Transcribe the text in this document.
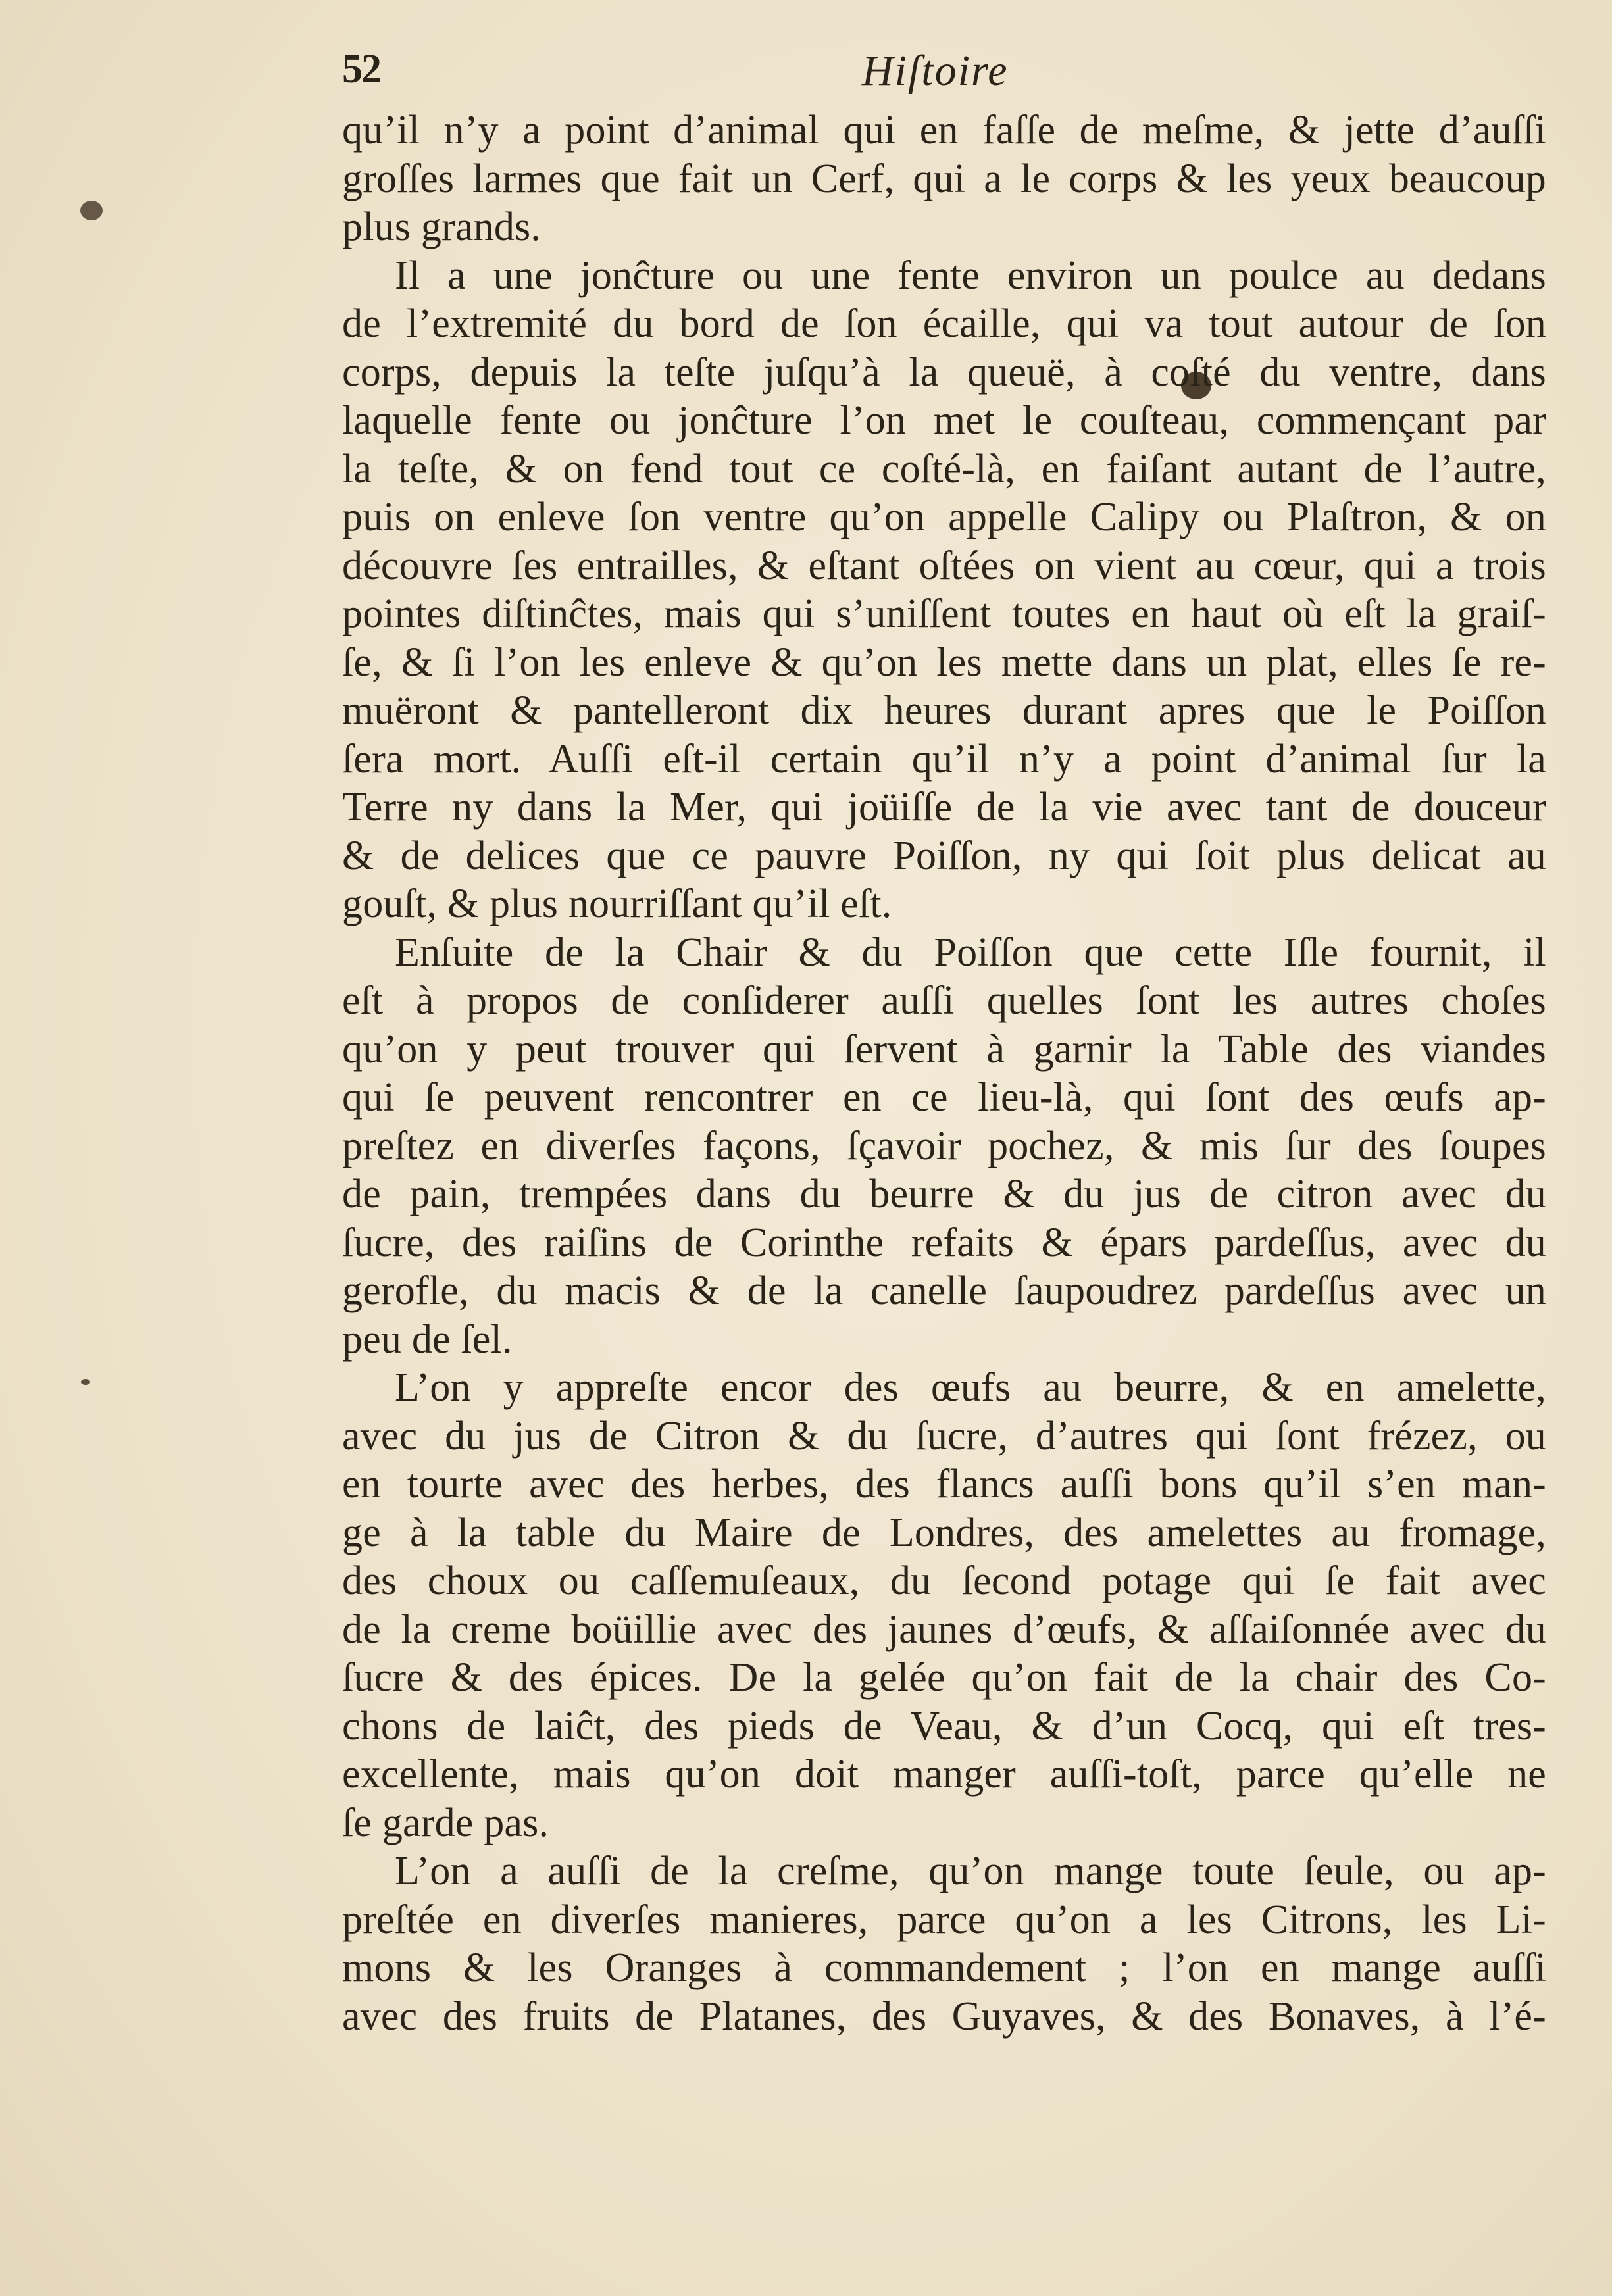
52	Hiſtoire
qu’il n’y a point d’animal qui en faſſe de meſme, & jette d’auſſi
groſſes larmes que fait un Cerf, qui a le corps & les yeux beaucoup
plus grands.
Il a une jonĉture ou une fente environ un poulce au dedans
de l’extremité du bord de ſon écaille, qui va tout autour de ſon
corps, depuis la teſte juſqu’à la queuë, à coſté du ventre, dans
laquelle fente ou jonĉture l’on met le couſteau, commençant par
la teſte, & on fend tout ce coſté-là, en faiſant autant de l’autre,
puis on enleve ſon ventre qu’on appelle Calipy ou Plaſtron, & on
découvre ſes entrailles, & eſtant oſtées on vient au cœur, qui a trois
pointes diſtinĉtes, mais qui s’uniſſent toutes en haut où eſt la graiſ-
ſe, & ſi l’on les enleve & qu’on les mette dans un plat, elles ſe re-
muëront & pantelleront dix heures durant apres que le Poiſſon
ſera mort. Auſſi eſt-il certain qu’il n’y a point d’animal ſur la
Terre ny dans la Mer, qui joüiſſe de la vie avec tant de douceur
& de delices que ce pauvre Poiſſon, ny qui ſoit plus delicat au
gouſt, & plus nourriſſant qu’il eſt.
Enſuite de la Chair & du Poiſſon que cette Iſle fournit, il
eſt à propos de conſiderer auſſi quelles ſont les autres choſes
qu’on y peut trouver qui ſervent à garnir la Table des viandes
qui ſe peuvent rencontrer en ce lieu-là, qui ſont des œufs ap-
preſtez en diverſes façons, ſçavoir pochez, & mis ſur des ſoupes
de pain, trempées dans du beurre & du jus de citron avec du
ſucre, des raiſins de Corinthe refaits & épars pardeſſus, avec du
gerofle, du macis & de la canelle ſaupoudrez pardeſſus avec un
peu de ſel.
L’on y appreſte encor des œufs au beurre, & en amelette,
avec du jus de Citron & du ſucre, d’autres qui ſont frézez, ou
en tourte avec des herbes, des flancs auſſi bons qu’il s’en man-
ge à la table du Maire de Londres, des amelettes au fromage,
des choux ou caſſemuſeaux, du ſecond potage qui ſe fait avec
de la creme boüillie avec des jaunes d’œufs, & aſſaiſonnée avec du
ſucre & des épices. De la gelée qu’on fait de la chair des Co-
chons de laiĉt, des pieds de Veau, & d’un Cocq, qui eſt tres-
excellente, mais qu’on doit manger auſſi-toſt, parce qu’elle ne
ſe garde pas.
L’on a auſſi de la creſme, qu’on mange toute ſeule, ou ap-
preſtée en diverſes manieres, parce qu’on a les Citrons, les Li-
mons & les Oranges à commandement ; l’on en mange auſſi
avec des fruits de Platanes, des Guyaves, & des Bonaves, à l’é-
